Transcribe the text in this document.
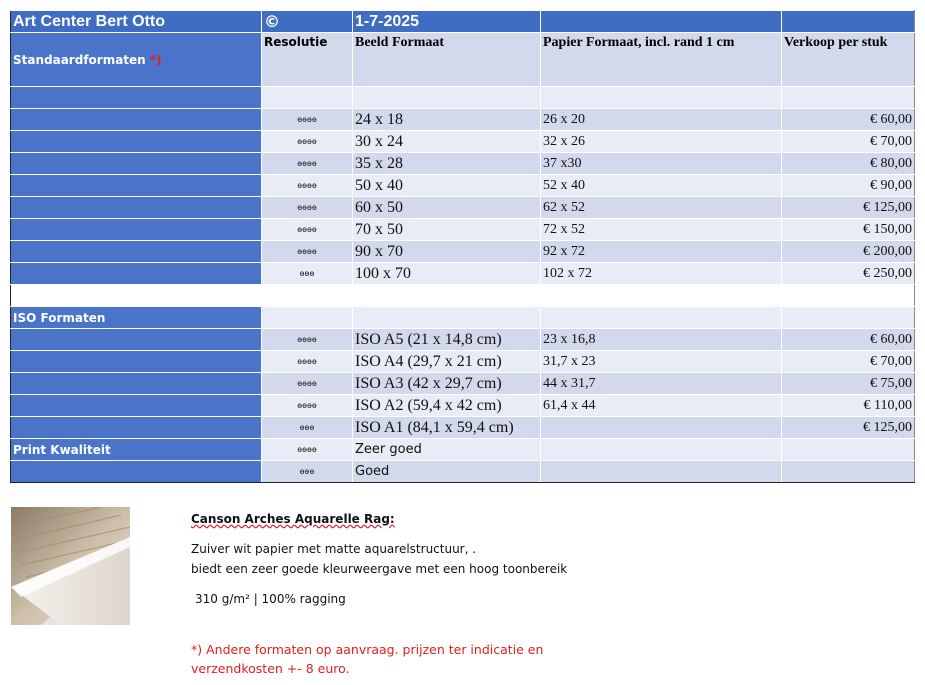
Art Center Bert Otto	©	1-7-2025		
Standaardformaten *)	Resolutie	Beeld Formaat	Papier Formaat, incl. rand 1 cm	Verkoop per stuk

	ɵɵɵɵ	24 x 18	26 x 20	€ 60,00
	ɵɵɵɵ	30 x 24	32 x 26	€ 70,00
	ɵɵɵɵ	35 x 28	37 x30	€ 80,00
	ɵɵɵɵ	50 x 40	52 x 40	€ 90,00
	ɵɵɵɵ	60 x 50	62 x 52	€ 125,00
	ɵɵɵɵ	70 x 50	72 x 52	€ 150,00
	ɵɵɵɵ	90 x 70	92 x 72	€ 200,00
	ɵɵɵ	100 x 70	102 x 72	€ 250,00

ISO Formaten				
	ɵɵɵɵ	ISO A5 (21 x 14,8 cm)	23 x 16,8	€ 60,00
	ɵɵɵɵ	ISO A4 (29,7 x 21 cm)	31,7 x 23	€ 70,00
	ɵɵɵɵ	ISO A3 (42 x 29,7 cm)	44 x 31,7	€ 75,00
	ɵɵɵɵ	ISO A2 (59,4 x 42 cm)	61,4 x 44	€ 110,00
	ɵɵɵ	ISO A1 (84,1 x 59,4 cm)		€ 125,00
Print Kwaliteit	ɵɵɵɵ	Zeer goed		
	ɵɵɵ	Goed		
Canson Arches Aquarelle Rag:
Zuiver wit papier met matte aquarelstructuur, .
biedt een zeer goede kleurweergave met een hoog toonbereik
310 g/m² | 100% ragging
*) Andere formaten op aanvraag. prijzen ter indicatie en verzendkosten +- 8 euro.
